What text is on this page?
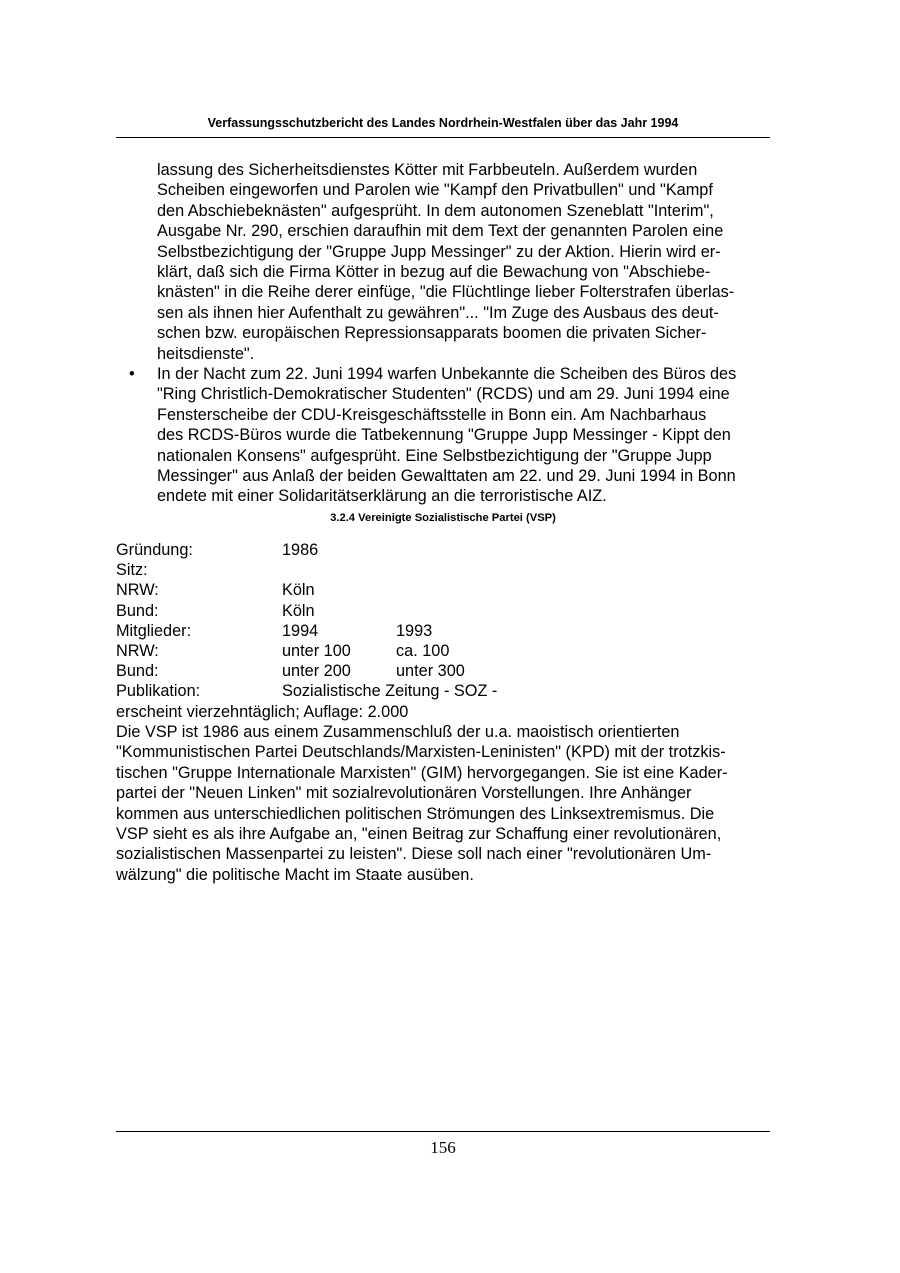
Verfassungsschutzbericht des Landes Nordrhein-Westfalen über das Jahr 1994
lassung des Sicherheitsdienstes Kötter mit Farbbeuteln. Außerdem wurden
Scheiben eingeworfen und Parolen wie "Kampf den Privatbullen" und "Kampf
den Abschiebeknästen" aufgesprüht. In dem autonomen Szeneblatt "Interim",
Ausgabe Nr. 290, erschien daraufhin mit dem Text der genannten Parolen eine
Selbstbezichtigung der "Gruppe Jupp Messinger" zu der Aktion. Hierin wird er-
klärt, daß sich die Firma Kötter in bezug auf die Bewachung von "Abschiebe-
knästen" in die Reihe derer einfüge, "die Flüchtlinge lieber Folterstrafen überlas-
sen als ihnen hier Aufenthalt zu gewähren"... "Im Zuge des Ausbaus des deut-
schen bzw. europäischen Repressionsapparats boomen die privaten Sicher-
heitsdienste".
• In der Nacht zum 22. Juni 1994 warfen Unbekannte die Scheiben des Büros des
"Ring Christlich-Demokratischer Studenten" (RCDS) und am 29. Juni 1994 eine
Fensterscheibe der CDU-Kreisgeschäftsstelle in Bonn ein. Am Nachbarhaus
des RCDS-Büros wurde die Tatbekennung "Gruppe Jupp Messinger - Kippt den
nationalen Konsens" aufgesprüht. Eine Selbstbezichtigung der "Gruppe Jupp
Messinger" aus Anlaß der beiden Gewalttaten am 22. und 29. Juni 1994 in Bonn
endete mit einer Solidaritätserklärung an die terroristische AIZ.
3.2.4 Vereinigte Sozialistische Partei (VSP)
Gründung:	1986
Sitz:
NRW:	Köln
Bund:	Köln
Mitglieder:	1994	1993
NRW:	unter 100	ca. 100
Bund:	unter 200	unter 300
Publikation:	Sozialistische Zeitung - SOZ -
erscheint vierzehntäglich; Auflage: 2.000
Die VSP ist 1986 aus einem Zusammenschluß der u.a. maoistisch orientierten
"Kommunistischen Partei Deutschlands/Marxisten-Leninisten" (KPD) mit der trotzkis-
tischen "Gruppe Internationale Marxisten" (GIM) hervorgegangen. Sie ist eine Kader-
partei der "Neuen Linken" mit sozialrevolutionären Vorstellungen. Ihre Anhänger
kommen aus unterschiedlichen politischen Strömungen des Linksextremismus. Die
VSP sieht es als ihre Aufgabe an, "einen Beitrag zur Schaffung einer revolutionären,
sozialistischen Massenpartei zu leisten". Diese soll nach einer "revolutionären Um-
wälzung" die politische Macht im Staate ausüben.
156
